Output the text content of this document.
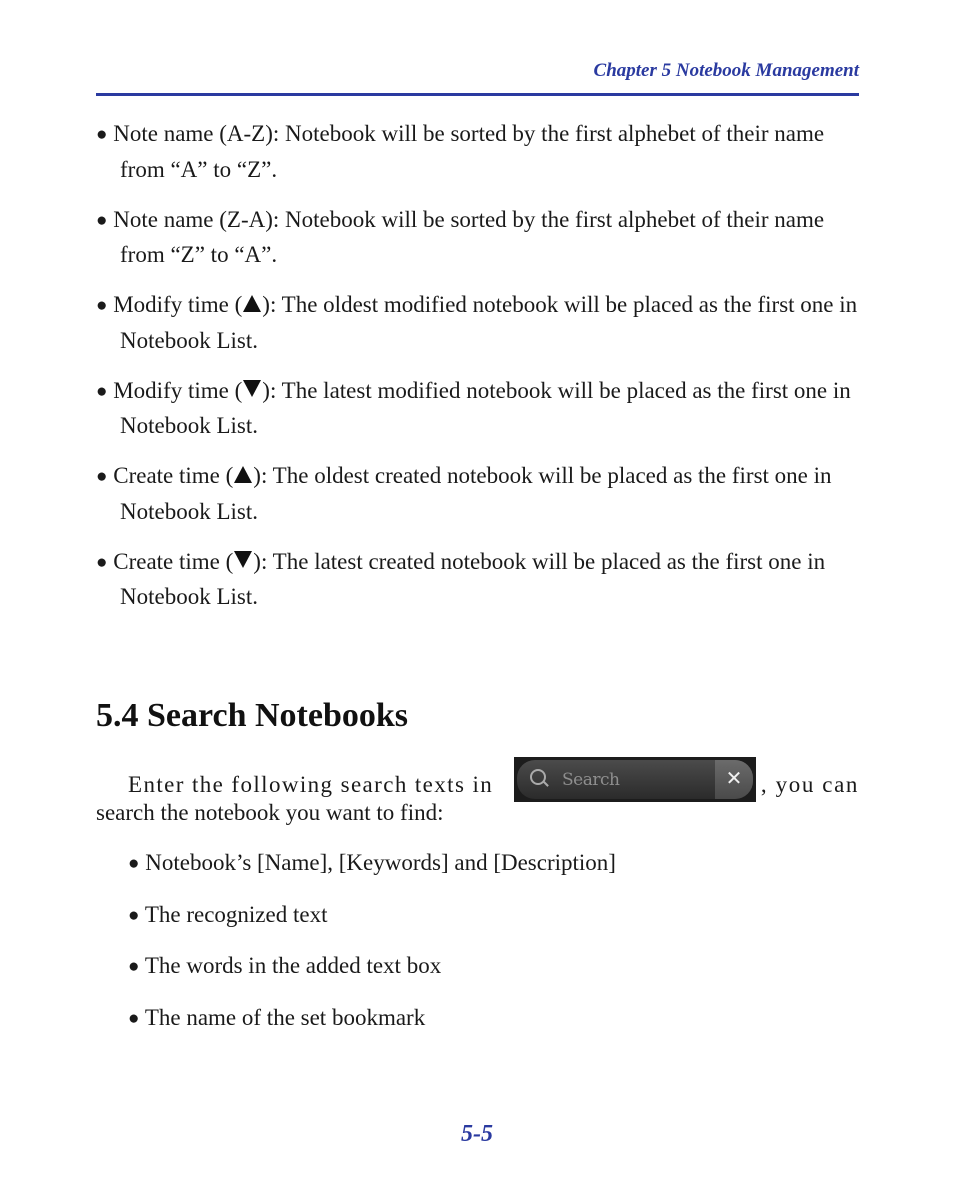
Chapter 5 Notebook Management
● Note name (A-Z): Notebook will be sorted by the first alphebet of their name from “A” to “Z”.
● Note name (Z-A): Notebook will be sorted by the first alphebet of their name from “Z” to “A”.
● Modify time ( ): The oldest modified notebook will be placed as the first one in Notebook List.
● Modify time ( ): The latest modified notebook will be placed as the first one in Notebook List.
● Create time ( ): The oldest created notebook will be placed as the first one in Notebook List.
● Create time ( ): The latest created notebook will be placed as the first one in Notebook List.
5.4 Search Notebooks
Enter the following search texts in	, you can
search the notebook you want to find:
Search	✕
● Notebook’s [Name], [Keywords] and [Description]
● The recognized text
● The words in the added text box
● The name of the set bookmark
5-5
